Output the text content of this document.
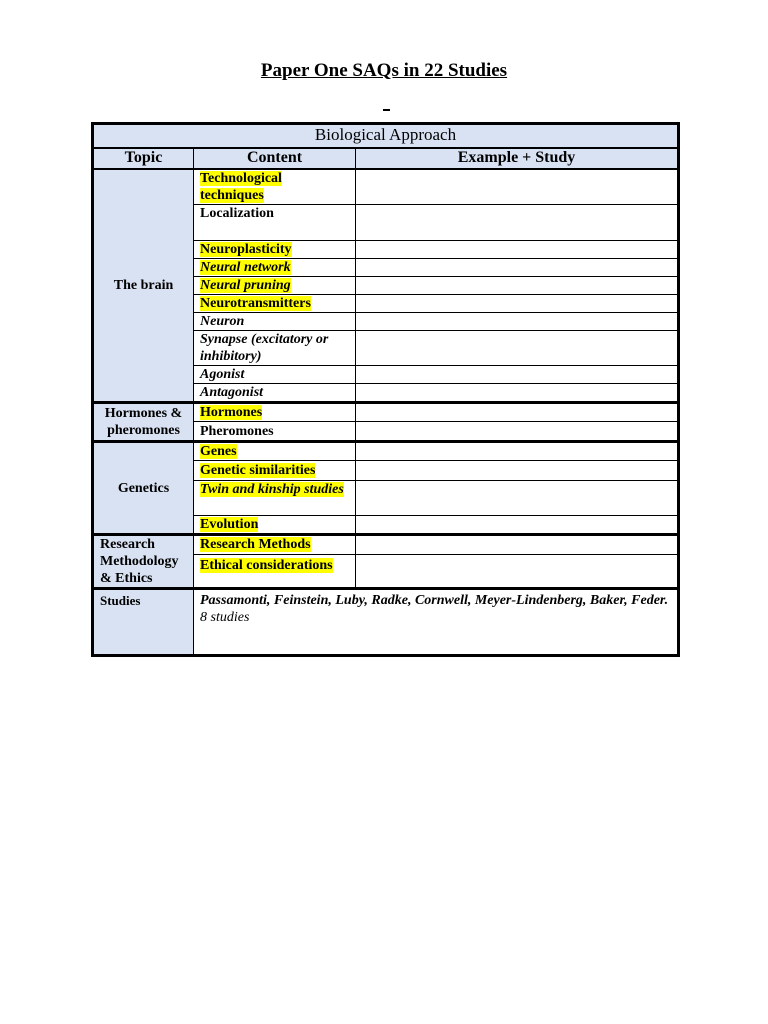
Paper One SAQs in 22 Studies
Biological Approach		
Topic	Content	Example + Study
The brain	Technological techniques	
	Localization	
	Neuroplasticity	
	Neural network	
	Neural pruning	
	Neurotransmitters	
	Neuron	
	Synapse (excitatory or inhibitory)	
	Agonist	
	Antagonist	
Hormones &
pheromones	Hormones	
	Pheromones	
Genetics	Genes	
	Genetic similarities	
	Twin and kinship studies	
	Evolution	
Research
Methodology
& Ethics	Research Methods	
	Ethical considerations	
Studies	Passamonti, Feinstein, Luby, Radke, Cornwell, Meyer-Lindenberg, Baker, Feder.
8 studies	
